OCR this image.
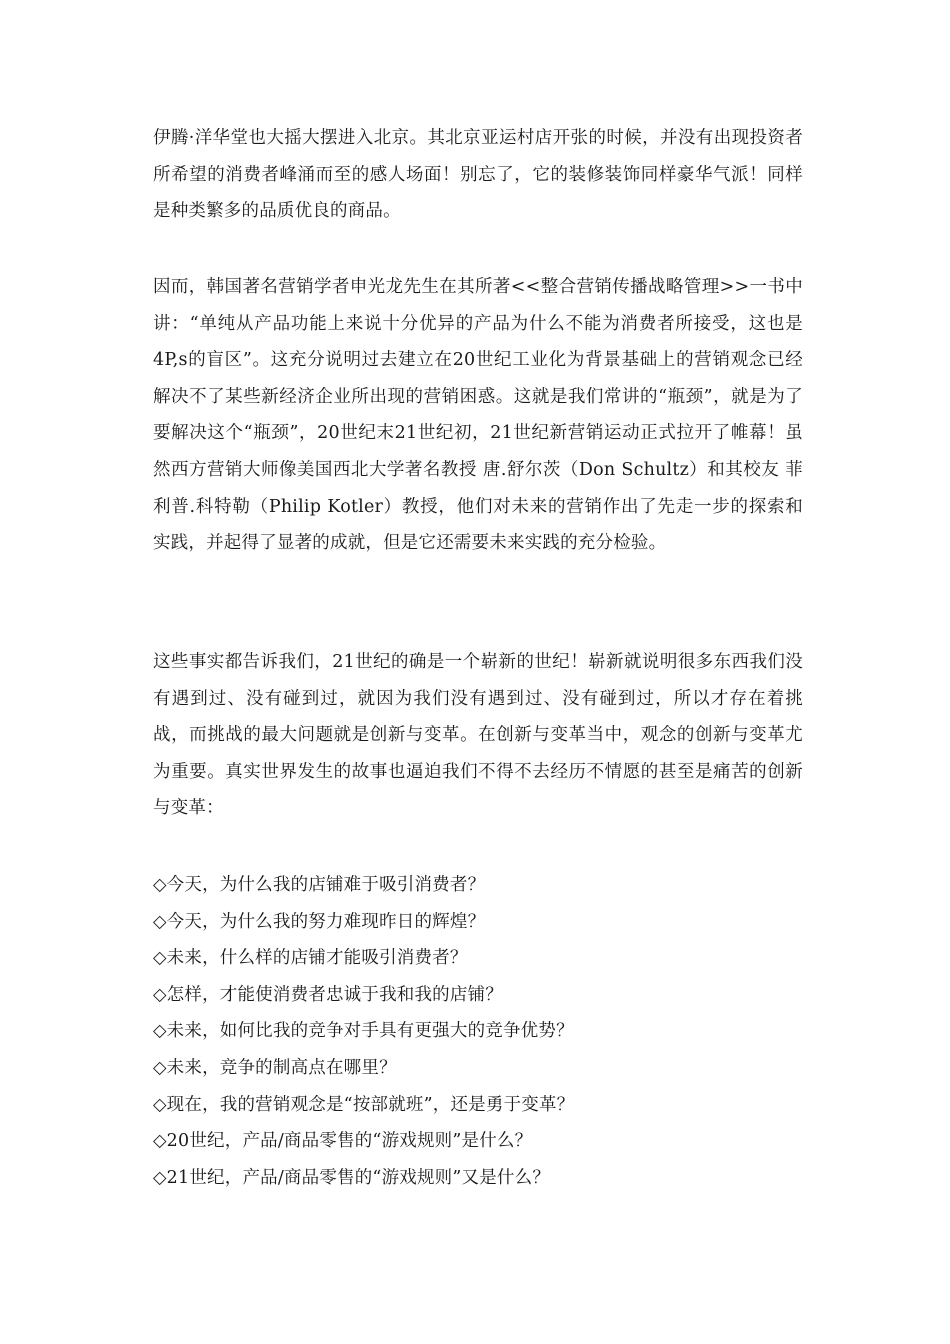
伊腾·洋华堂也大摇大摆进入北京。其北京亚运村店开张的时候，并没有出现投资者所希望的消费者峰涌而至的感人场面！别忘了，它的装修装饰同样豪华气派！同样是种类繁多的品质优良的商品。

因而，韩国著名营销学者申光龙先生在其所著<<整合营销传播战略管理>>一书中讲：“单纯从产品功能上来说十分优异的产品为什么不能为消费者所接受，这也是4P,s的盲区”。这充分说明过去建立在20世纪工业化为背景基础上的营销观念已经解决不了某些新经济企业所出现的营销困惑。这就是我们常讲的“瓶颈”，就是为了要解决这个“瓶颈”，20世纪末21世纪初，21世纪新营销运动正式拉开了帷幕！虽然西方营销大师像美国西北大学著名教授 唐.舒尔茨（Don Schultz）和其校友 菲利普.科特勒（Philip Kotler）教授，他们对未来的营销作出了先走一步的探索和实践，并起得了显著的成就，但是它还需要未来实践的充分检验。

这些事实都告诉我们，21世纪的确是一个崭新的世纪！崭新就说明很多东西我们没有遇到过、没有碰到过，就因为我们没有遇到过、没有碰到过，所以才存在着挑战，而挑战的最大问题就是创新与变革。在创新与变革当中，观念的创新与变革尤为重要。真实世界发生的故事也逼迫我们不得不去经历不情愿的甚至是痛苦的创新与变革：

◇今天，为什么我的店铺难于吸引消费者？
◇今天，为什么我的努力难现昨日的辉煌？
◇未来，什么样的店铺才能吸引消费者？
◇怎样，才能使消费者忠诚于我和我的店铺？
◇未来，如何比我的竞争对手具有更强大的竞争优势？
◇未来，竞争的制高点在哪里？
◇现在，我的营销观念是“按部就班”，还是勇于变革？
◇20世纪，产品/商品零售的“游戏规则”是什么？
◇21世纪，产品/商品零售的“游戏规则”又是什么？
